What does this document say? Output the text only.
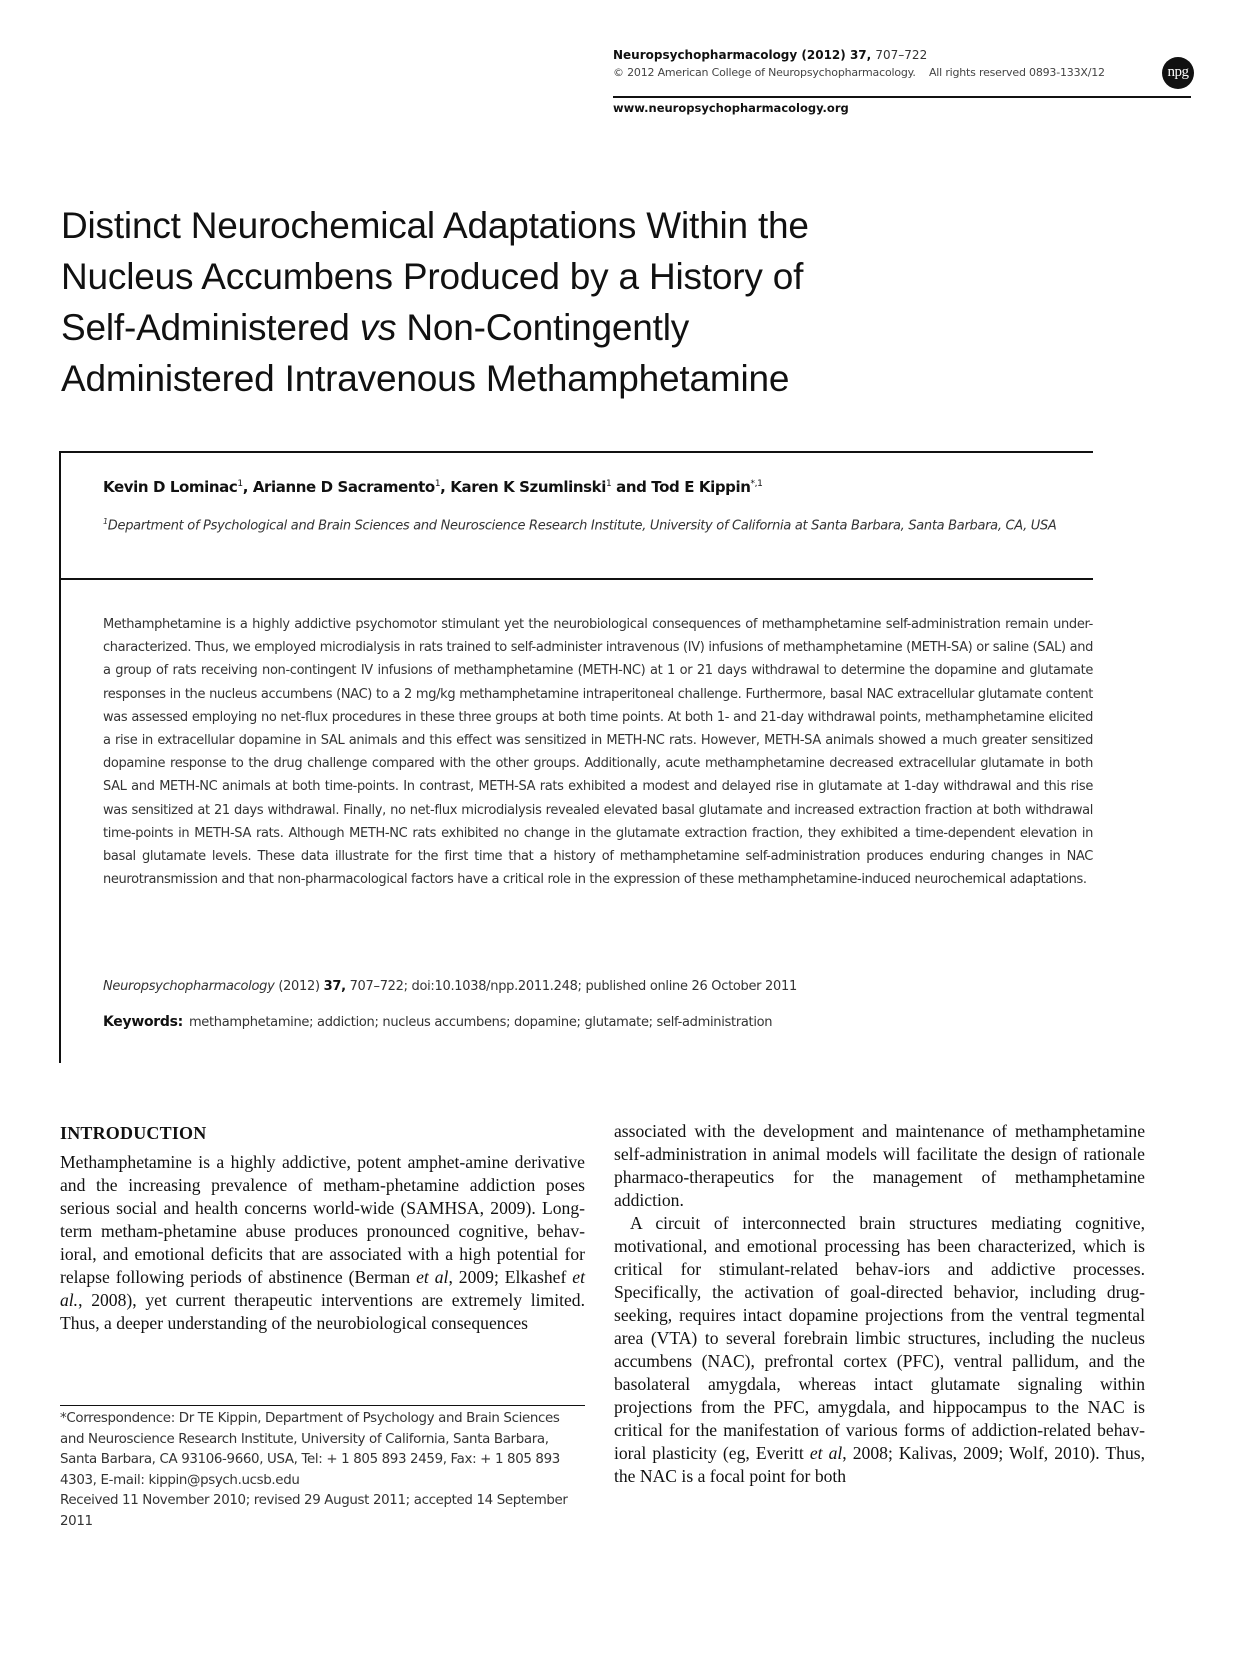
Neuropsychopharmacology (2012) 37, 707–722
© 2012 American College of Neuropsychopharmacology. All rights reserved 0893-133X/12	npg
www.neuropsychopharmacology.org
Distinct Neurochemical Adaptations Within the
Nucleus Accumbens Produced by a History of
Self-Administered vs Non-Contingently
Administered Intravenous Methamphetamine
Kevin D Lominac$^1$, Arianne D Sacramento$^1$, Karen K Szumlinski$^1$ and Tod E Kippin$^{*,1}$
$^1$Department of Psychological and Brain Sciences and Neuroscience Research Institute, University of California at Santa Barbara, Santa Barbara, CA, USA
Methamphetamine is a highly addictive psychomotor stimulant yet the neurobiological consequences of methamphetamine self-administration remain under-characterized. Thus, we employed microdialysis in rats trained to self-administer intravenous (IV) infusions of methamphetamine (METH-SA) or saline (SAL) and a group of rats receiving non-contingent IV infusions of methamphetamine (METH-NC) at 1 or 21 days withdrawal to determine the dopamine and glutamate responses in the nucleus accumbens (NAC) to a 2 mg/kg methamphetamine intraperitoneal challenge. Furthermore, basal NAC extracellular glutamate content was assessed employing no net-flux procedures in these three groups at both time points. At both 1- and 21-day withdrawal points, methamphetamine elicited a rise in extracellular dopamine in SAL animals and this effect was sensitized in METH-NC rats. However, METH-SA animals showed a much greater sensitized dopamine response to the drug challenge compared with the other groups. Additionally, acute methamphetamine decreased extracellular glutamate in both SAL and METH-NC animals at both time-points. In contrast, METH-SA rats exhibited a modest and delayed rise in glutamate at 1-day withdrawal and this rise was sensitized at 21 days withdrawal. Finally, no net-flux microdialysis revealed elevated basal glutamate and increased extraction fraction at both withdrawal time-points in METH-SA rats. Although METH-NC rats exhibited no change in the glutamate extraction fraction, they exhibited a time-dependent elevation in basal glutamate levels. These data illustrate for the first time that a history of methamphetamine self-administration produces enduring changes in NAC neurotransmission and that non-pharmacological factors have a critical role in the expression of these methamphetamine-induced neurochemical adaptations.
Neuropsychopharmacology (2012) 37, 707–722; doi:10.1038/npp.2011.248; published online 26 October 2011
Keywords: methamphetamine; addiction; nucleus accumbens; dopamine; glutamate; self-administration
INTRODUCTION

Methamphetamine is a highly addictive, potent amphet-amine derivative and the increasing prevalence of metham-phetamine addiction poses serious social and health concerns world-wide (SAMHSA, 2009). Long-term metham-phetamine abuse produces pronounced cognitive, behav-ioral, and emotional deficits that are associated with a high potential for relapse following periods of abstinence (Berman et al, 2009; Elkashef et al., 2008), yet current therapeutic interventions are extremely limited. Thus, a deeper understanding of the neurobiological consequences

*Correspondence: Dr TE Kippin, Department of Psychology and Brain Sciences and Neuroscience Research Institute, University of California, Santa Barbara, Santa Barbara, CA 93106-9660, USA, Tel: + 1 805 893 2459, Fax: + 1 805 893 4303, E-mail: kippin@psych.ucsb.edu

Received 11 November 2010; revised 29 August 2011; accepted 14 September 2011

associated with the development and maintenance of methamphetamine self-administration in animal models will facilitate the design of rationale pharmaco-therapeutics for the management of methamphetamine addiction.

A circuit of interconnected brain structures mediating cognitive, motivational, and emotional processing has been characterized, which is critical for stimulant-related behav-iors and addictive processes. Specifically, the activation of goal-directed behavior, including drug-seeking, requires intact dopamine projections from the ventral tegmental area (VTA) to several forebrain limbic structures, including the nucleus accumbens (NAC), prefrontal cortex (PFC), ventral pallidum, and the basolateral amygdala, whereas intact glutamate signaling within projections from the PFC, amygdala, and hippocampus to the NAC is critical for the manifestation of various forms of addiction-related behav-ioral plasticity (eg, Everitt et al, 2008; Kalivas, 2009; Wolf, 2010). Thus, the NAC is a focal point for both
